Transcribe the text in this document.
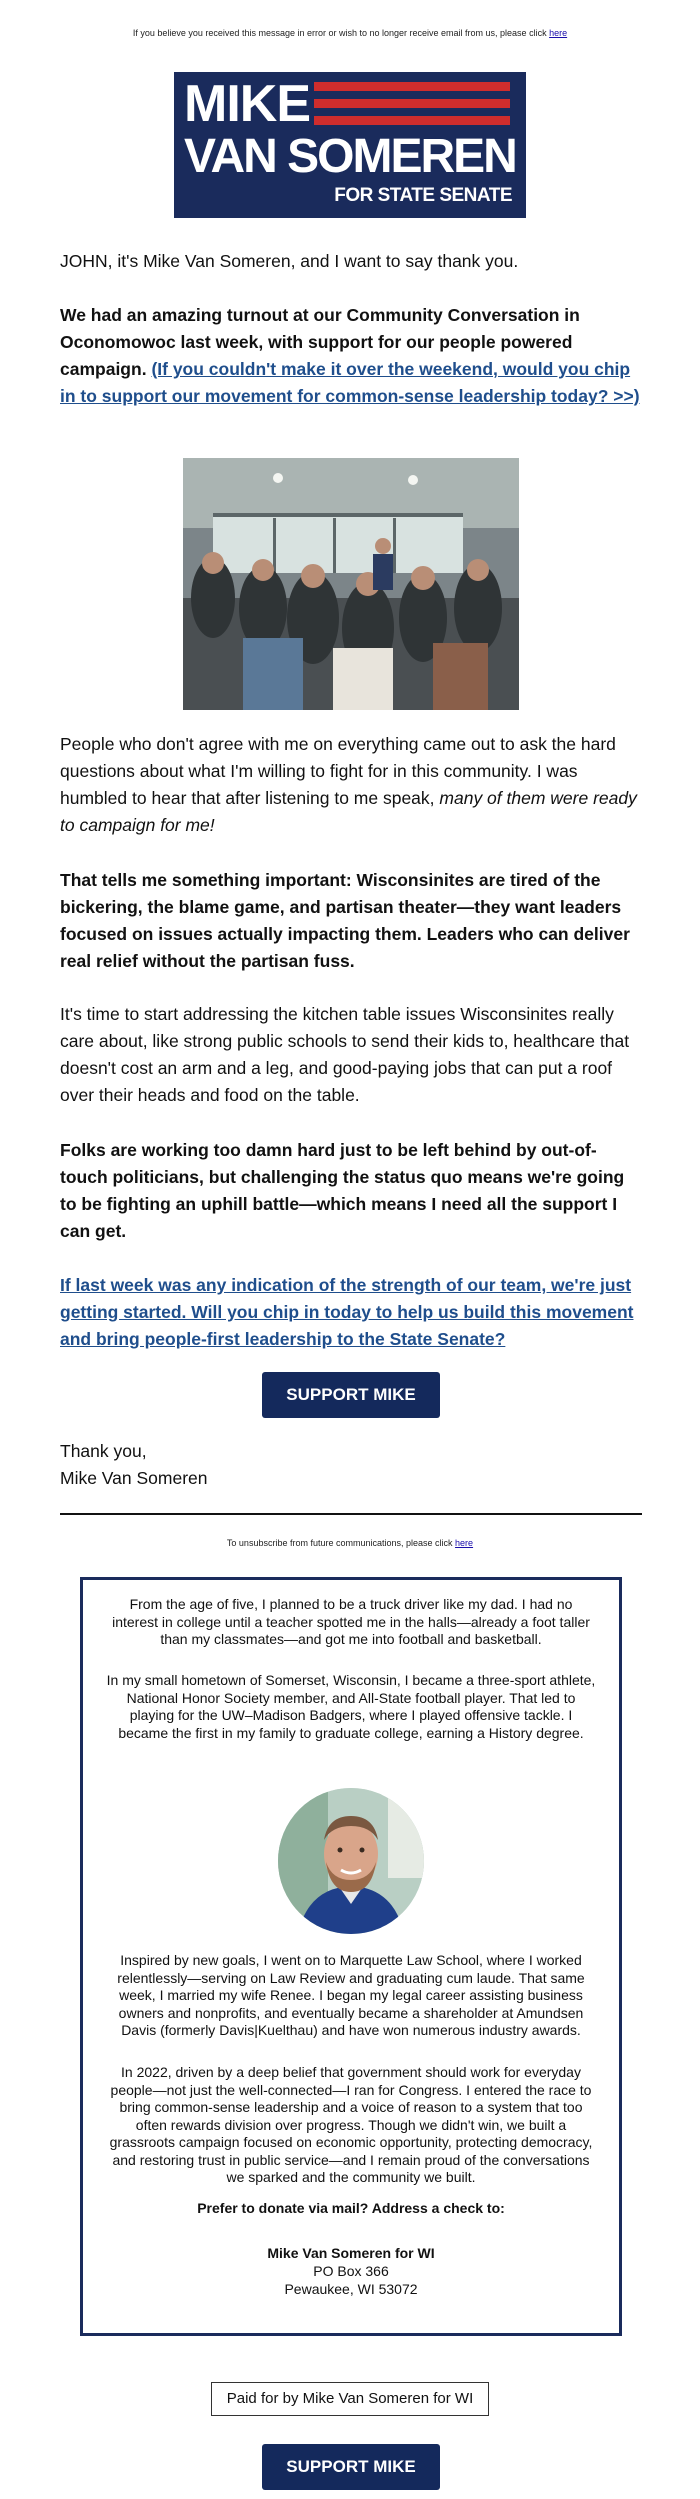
If you believe you received this message in error or wish to no longer receive email from us, please click here
MIKE
VAN SOMEREN
FOR STATE SENATE
JOHN, it's Mike Van Someren, and I want to say thank you.
We had an amazing turnout at our Community Conversation in Oconomowoc last week, with support for our people powered campaign. (If you couldn't make it over the weekend, would you chip in to support our movement for common-sense leadership today? >>)
People who don't agree with me on everything came out to ask the hard questions about what I'm willing to fight for in this community. I was humbled to hear that after listening to me speak, many of them were ready to campaign for me!
That tells me something important: Wisconsinites are tired of the bickering, the blame game, and partisan theater—they want leaders focused on issues actually impacting them. Leaders who can deliver real relief without the partisan fuss.
It's time to start addressing the kitchen table issues Wisconsinites really care about, like strong public schools to send their kids to, healthcare that doesn't cost an arm and a leg, and good-paying jobs that can put a roof over their heads and food on the table.
Folks are working too damn hard just to be left behind by out-of-touch politicians, but challenging the status quo means we're going to be fighting an uphill battle—which means I need all the support I can get.
If last week was any indication of the strength of our team, we're just getting started. Will you chip in today to help us build this movement and bring people-first leadership to the State Senate?
SUPPORT MIKE
Thank you,
Mike Van Someren
To unsubscribe from future communications, please click here

From the age of five, I planned to be a truck driver like my dad. I had no interest in college until a teacher spotted me in the halls—already a foot taller than my classmates—and got me into football and basketball.

In my small hometown of Somerset, Wisconsin, I became a three-sport athlete, National Honor Society member, and All-State football player. That led to playing for the UW–Madison Badgers, where I played offensive tackle. I became the first in my family to graduate college, earning a History degree.

Inspired by new goals, I went on to Marquette Law School, where I worked relentlessly—serving on Law Review and graduating cum laude. That same week, I married my wife Renee. I began my legal career assisting business owners and nonprofits, and eventually became a shareholder at Amundsen Davis (formerly Davis|Kuelthau) and have won numerous industry awards.

In 2022, driven by a deep belief that government should work for everyday people—not just the well-connected—I ran for Congress. I entered the race to bring common-sense leadership and a voice of reason to a system that too often rewards division over progress. Though we didn't win, we built a grassroots campaign focused on economic opportunity, protecting democracy, and restoring trust in public service—and I remain proud of the conversations we sparked and the community we built.

Prefer to donate via mail? Address a check to:

Mike Van Someren for WI
PO Box 366
Pewaukee, WI 53072
Paid for by Mike Van Someren for WI
SUPPORT MIKE
